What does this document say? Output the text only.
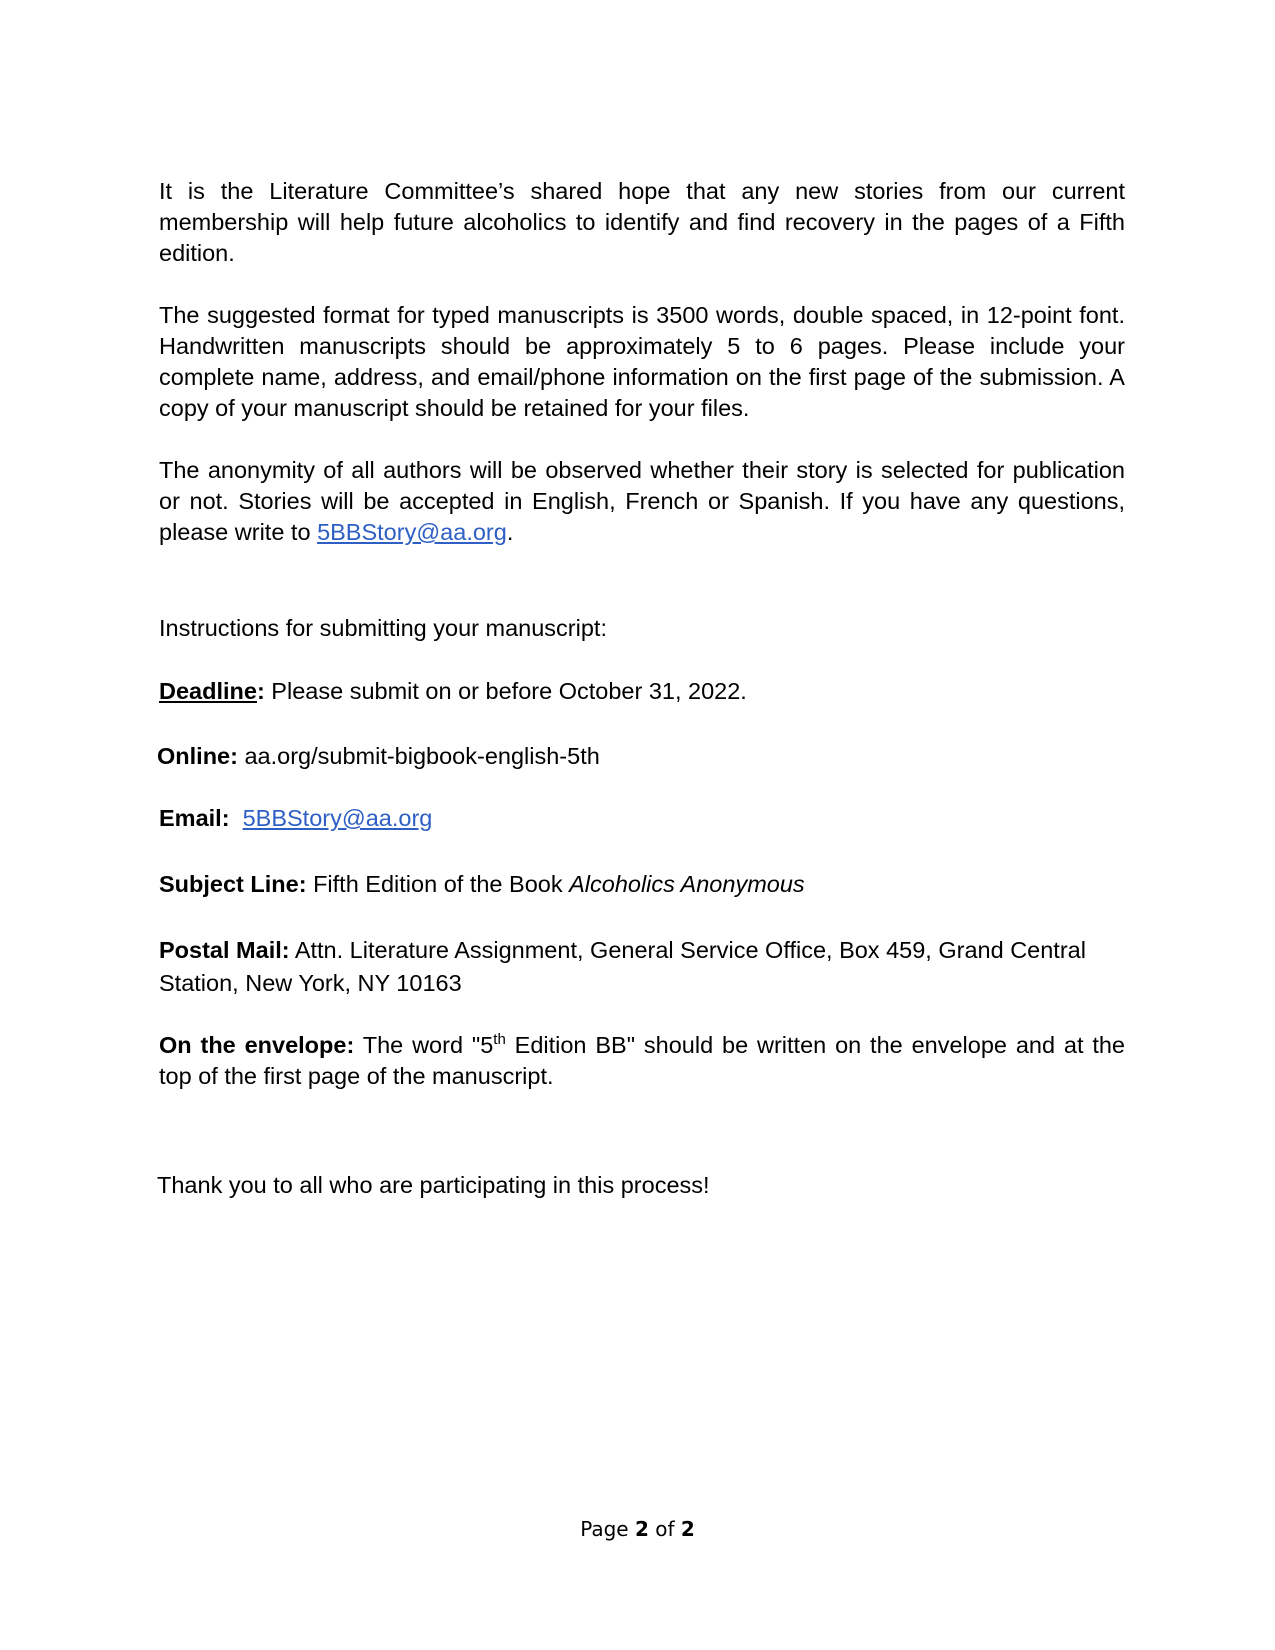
It is the Literature Committee’s shared hope that any new stories from our current membership will help future alcoholics to identify and find recovery in the pages of a Fifth edition.

The suggested format for typed manuscripts is 3500 words, double spaced, in 12-point font. Handwritten manuscripts should be approximately 5 to 6 pages. Please include your complete name, address, and email/phone information on the first page of the submission. A copy of your manuscript should be retained for your files.

The anonymity of all authors will be observed whether their story is selected for publication or not. Stories will be accepted in English, French or Spanish. If you have any questions, please write to 5BBStory@aa.org.

Instructions for submitting your manuscript:

Deadline: Please submit on or before October 31, 2022.

Online: aa.org/submit-bigbook-english-5th

Email: 5BBStory@aa.org

Subject Line: Fifth Edition of the Book Alcoholics Anonymous

Postal Mail: Attn. Literature Assignment, General Service Office, Box 459, Grand Central Station, New York, NY 10163

On the envelope: The word "5th Edition BB" should be written on the envelope and at the top of the first page of the manuscript.

Thank you to all who are participating in this process!

Page 2 of 2
